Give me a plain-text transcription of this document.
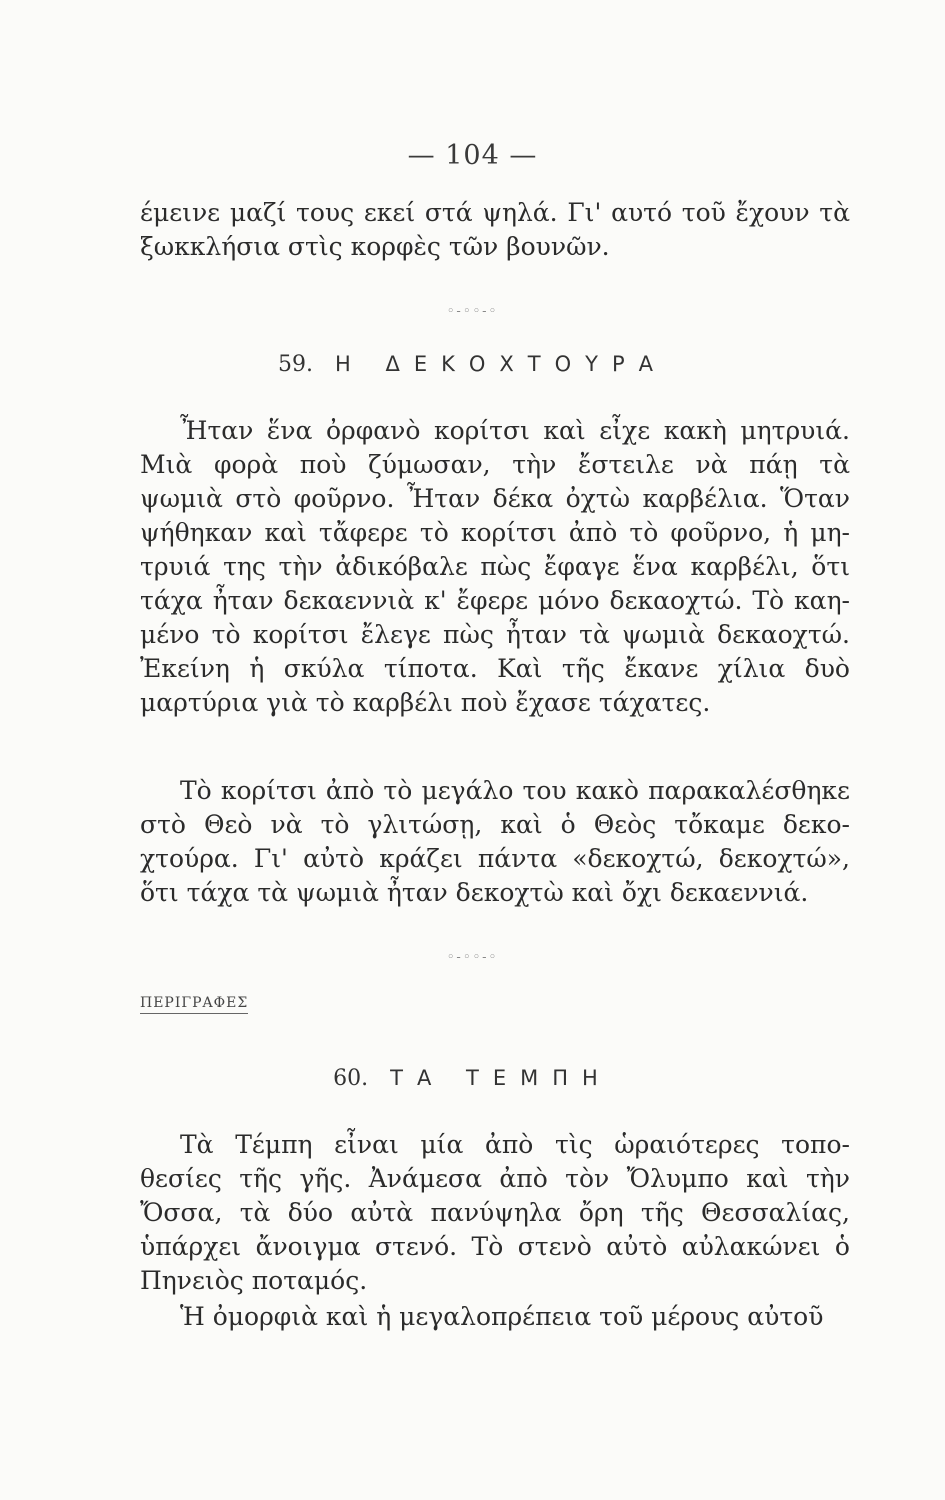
— 104 —
έμεινε μαζί τους εκεί στά ψηλά. Γι' αυτό τοῦ ἔχουν τὰ
ξωκκλήσια στὶς κορφὲς τῶν βουνῶν.
◦-◦◦-◦
59. Η ΔΕΚΟΧΤΟΥΡΑ
Ἦταν ἕνα ὀρφανὸ κορίτσι καὶ εἶχε κακὴ μητρυιά.
Μιὰ φορὰ ποὺ ζύμωσαν, τὴν ἔστειλε νὰ πάῃ τὰ
ψωμιὰ στὸ φοῦρνο. Ἦταν δέκα ὀχτὼ καρβέλια. Ὅταν
ψήθηκαν καὶ τἄφερε τὸ κορίτσι ἀπὸ τὸ φοῦρνο, ἡ μη-
τρυιά της τὴν ἀδικόβαλε πὼς ἔφαγε ἕνα καρβέλι, ὅτι
τάχα ἦταν δεκαεννιὰ κ' ἔφερε μόνο δεκαοχτώ. Τὸ καη-
μένο τὸ κορίτσι ἔλεγε πὼς ἦταν τὰ ψωμιὰ δεκαοχτώ.
Ἐκείνη ἡ σκύλα τίποτα. Καὶ τῆς ἔκανε χίλια δυὸ
μαρτύρια γιὰ τὸ καρβέλι ποὺ ἔχασε τάχατες.
Τὸ κορίτσι ἀπὸ τὸ μεγάλο του κακὸ παρακαλέσθηκε
στὸ Θεὸ νὰ τὸ γλιτώσῃ, καὶ ὁ Θεὸς τὄκαμε δεκο-
χτούρα. Γι' αὐτὸ κράζει πάντα «δεκοχτώ, δεκοχτώ»,
ὅτι τάχα τὰ ψωμιὰ ἦταν δεκοχτὼ καὶ ὄχι δεκαεννιά.
◦-◦◦-◦
ΠΕΡΙΓΡΑΦΕΣ
60. ΤΑ ΤΕΜΠΗ
Τὰ Τέμπη εἶναι μία ἀπὸ τὶς ὡραιότερες τοπο-
θεσίες τῆς γῆς. Ἀνάμεσα ἀπὸ τὸν Ὄλυμπο καὶ τὴν
Ὄσσα, τὰ δύο αὐτὰ πανύψηλα ὄρη τῆς Θεσσαλίας,
ὑπάρχει ἄνοιγμα στενό. Τὸ στενὸ αὐτὸ αὐλακώνει ὁ
Πηνειὸς ποταμός.
Ἡ ὀμορφιὰ καὶ ἡ μεγαλοπρέπεια τοῦ μέρους αὐτοῦ
